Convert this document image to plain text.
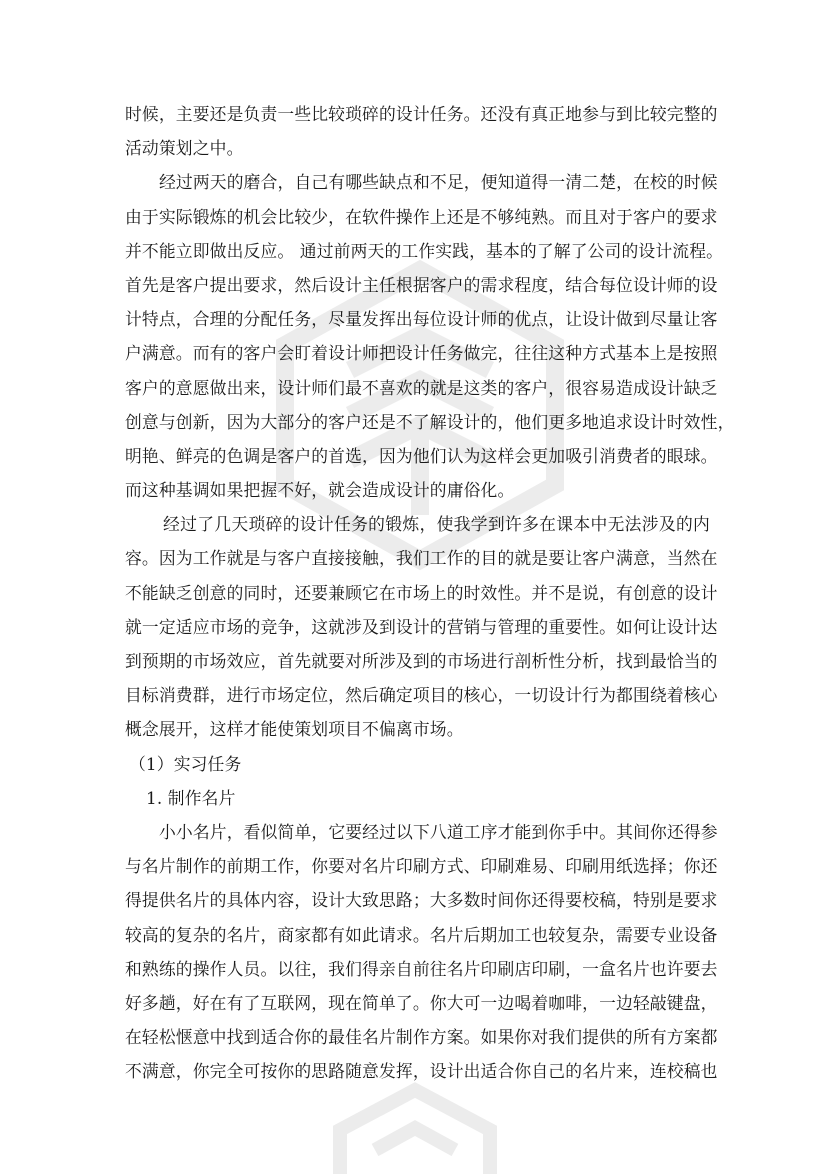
时候，主要还是负责一些比较琐碎的设计任务。还没有真正地参与到比较完整的
活动策划之中。
经过两天的磨合，自己有哪些缺点和不足，便知道得一清二楚，在校的时候
由于实际锻炼的机会比较少，在软件操作上还是不够纯熟。而且对于客户的要求
并不能立即做出反应。 通过前两天的工作实践，基本的了解了公司的设计流程。
首先是客户提出要求，然后设计主任根据客户的需求程度，结合每位设计师的设
计特点，合理的分配任务，尽量发挥出每位设计师的优点，让设计做到尽量让客
户满意。而有的客户会盯着设计师把设计任务做完，往往这种方式基本上是按照
客户的意愿做出来，设计师们最不喜欢的就是这类的客户，很容易造成设计缺乏
创意与创新，因为大部分的客户还是不了解设计的，他们更多地追求设计时效性，
明艳、鲜亮的色调是客户的首选，因为他们认为这样会更加吸引消费者的眼球。
而这种基调如果把握不好，就会造成设计的庸俗化。
经过了几天琐碎的设计任务的锻炼，使我学到许多在课本中无法涉及的内
容。因为工作就是与客户直接接触，我们工作的目的就是要让客户满意，当然在
不能缺乏创意的同时，还要兼顾它在市场上的时效性。并不是说，有创意的设计
就一定适应市场的竞争，这就涉及到设计的营销与管理的重要性。如何让设计达
到预期的市场效应，首先就要对所涉及到的市场进行剖析性分析，找到最恰当的
目标消费群，进行市场定位，然后确定项目的核心，一切设计行为都围绕着核心
概念展开，这样才能使策划项目不偏离市场。
（1）实习任务
1. 制作名片
小小名片，看似简单，它要经过以下八道工序才能到你手中。其间你还得参
与名片制作的前期工作，你要对名片印刷方式、印刷难易、印刷用纸选择；你还
得提供名片的具体内容，设计大致思路；大多数时间你还得要校稿，特别是要求
较高的复杂的名片，商家都有如此请求。名片后期加工也较复杂，需要专业设备
和熟练的操作人员。以往，我们得亲自前往名片印刷店印刷，一盒名片也许要去
好多趟，好在有了互联网，现在简单了。你大可一边喝着咖啡，一边轻敲键盘，
在轻松惬意中找到适合你的最佳名片制作方案。如果你对我们提供的所有方案都
不满意，你完全可按你的思路随意发挥，设计出适合你自己的名片来，连校稿也
